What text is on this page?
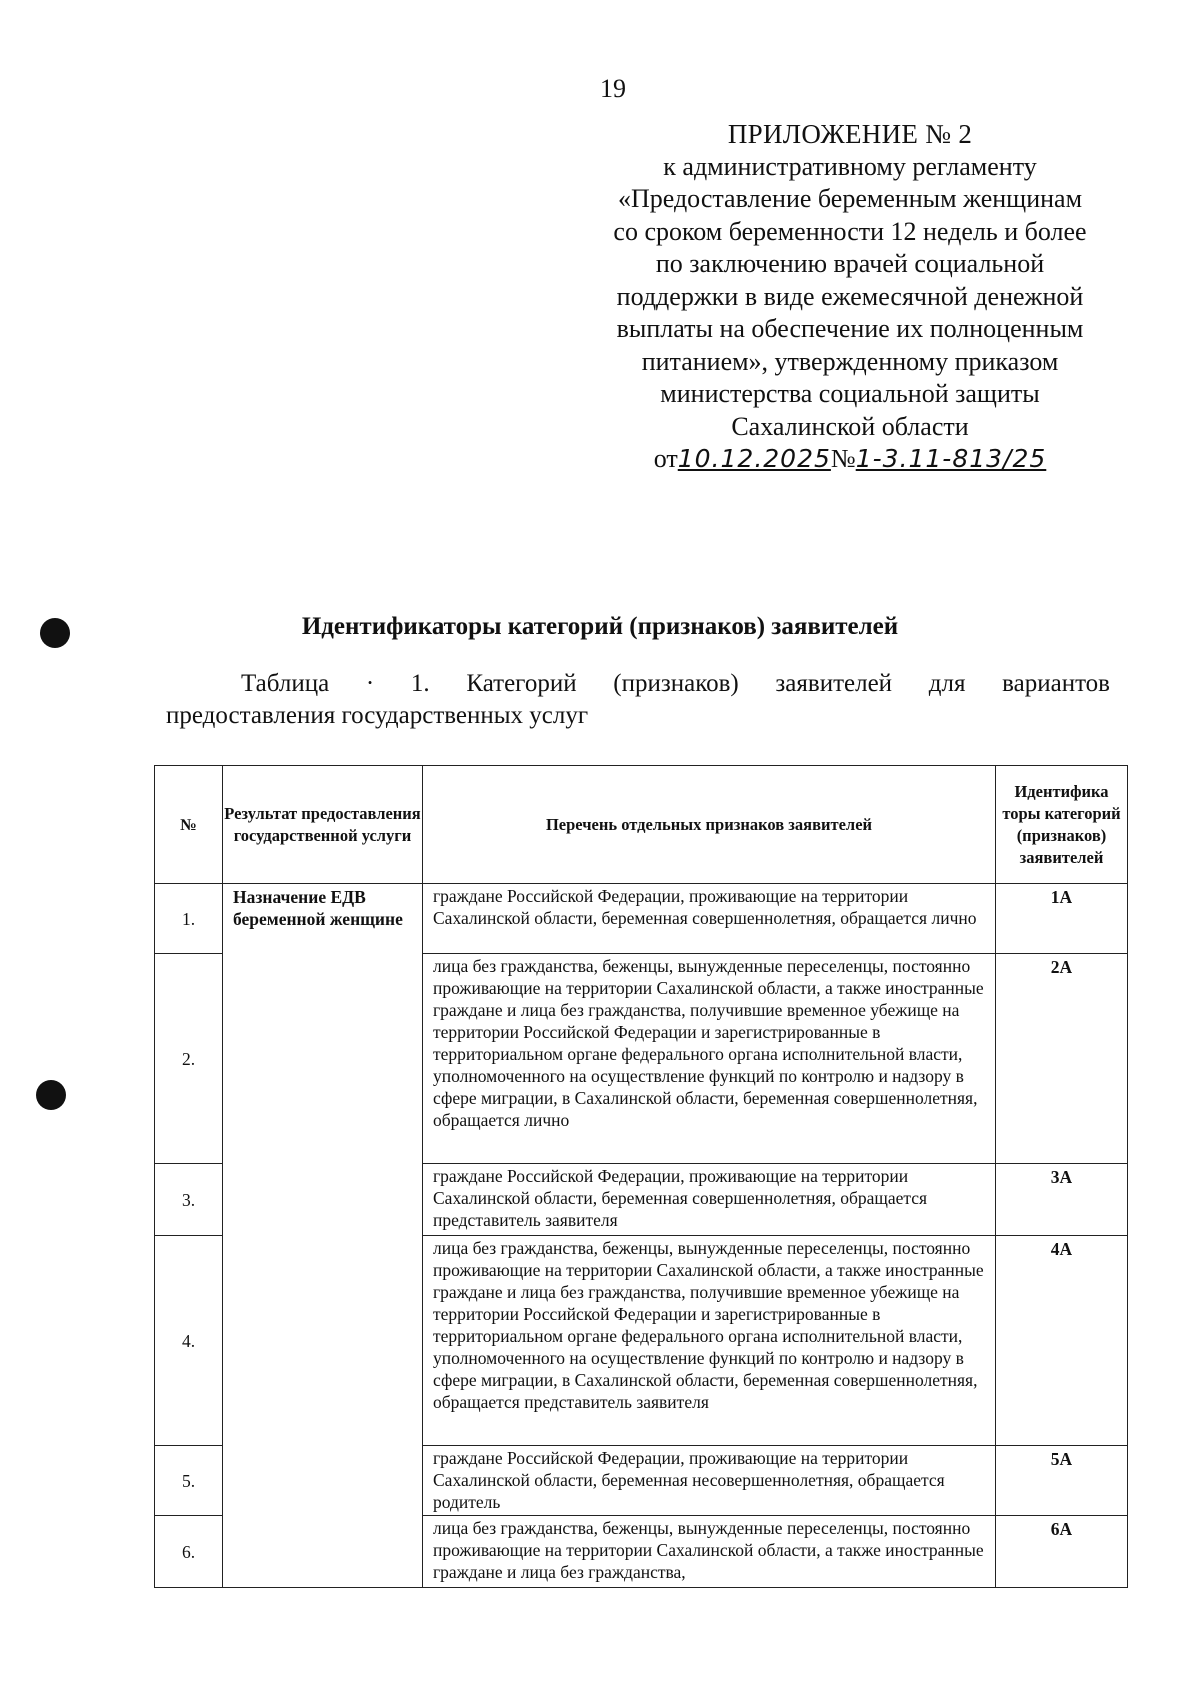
19
ПРИЛОЖЕНИЕ № 2
к административному регламенту
«Предоставление беременным женщинам
со сроком беременности 12 недель и более
по заключению врачей социальной
поддержки в виде ежемесячной денежной
выплаты на обеспечение их полноценным
питанием», утвержденному приказом
министерства социальной защиты
Сахалинской области
от10.12.2025№1-3.11-813/25
Идентификаторы категорий (признаков) заявителей
Таблица · 1. Категорий (признаков) заявителей для вариантов
предоставления государственных услуг
№	Результат предоставления государственной услуги	Перечень отдельных признаков заявителей	Идентифика торы категорий (признаков) заявителей
1.	Назначение ЕДВ беременной женщине	граждане Российской Федерации, проживающие на территории Сахалинской области, беременная совершеннолетняя, обращается лично	1А
2.		лица без гражданства, беженцы, вынужденные переселенцы, постоянно проживающие на территории Сахалинской области, а также иностранные граждане и лица без гражданства, получившие временное убежище на территории Российской Федерации и зарегистрированные в территориальном органе федерального органа исполнительной власти, уполномоченного на осуществление функций по контролю и надзору в сфере миграции, в Сахалинской области, беременная совершеннолетняя, обращается лично	2А
3.		граждане Российской Федерации, проживающие на территории Сахалинской области, беременная совершеннолетняя, обращается представитель заявителя	3А
4.		лица без гражданства, беженцы, вынужденные переселенцы, постоянно проживающие на территории Сахалинской области, а также иностранные граждане и лица без гражданства, получившие временное убежище на территории Российской Федерации и зарегистрированные в территориальном органе федерального органа исполнительной власти, уполномоченного на осуществление функций по контролю и надзору в сфере миграции, в Сахалинской области, беременная совершеннолетняя, обращается представитель заявителя	4А
5.		граждане Российской Федерации, проживающие на территории Сахалинской области, беременная несовершеннолетняя, обращается родитель	5А
6.		лица без гражданства, беженцы, вынужденные переселенцы, постоянно проживающие на территории Сахалинской области, а также иностранные граждане и лица без гражданства,	6А
